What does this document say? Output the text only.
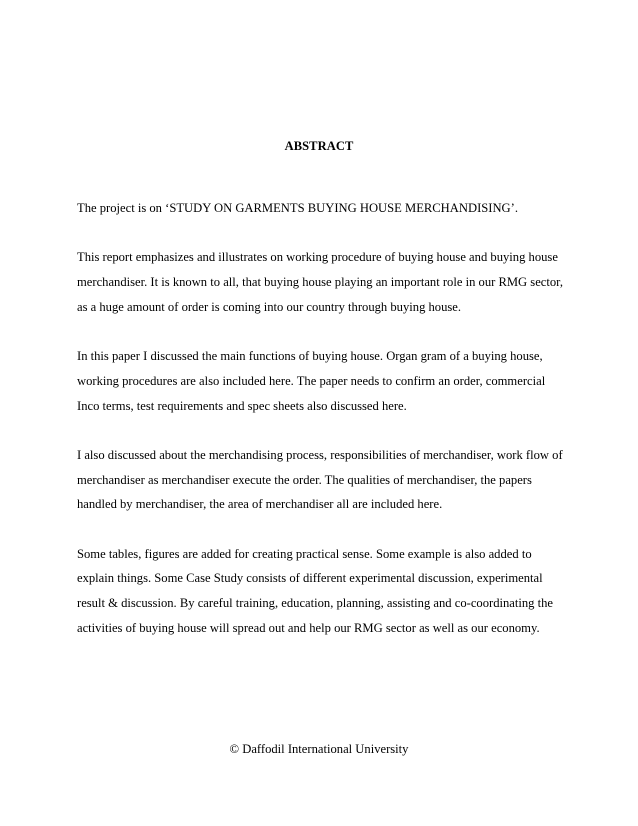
ABSTRACT

The project is on ‘STUDY ON GARMENTS BUYING HOUSE MERCHANDISING’.

This report emphasizes and illustrates on working procedure of buying house and buying house
merchandiser. It is known to all, that buying house playing an important role in our RMG sector,
as a huge amount of order is coming into our country through buying house.

In this paper I discussed the main functions of buying house. Organ gram of a buying house,
working procedures are also included here. The paper needs to confirm an order, commercial
Inco terms, test requirements and spec sheets also discussed here.

I also discussed about the merchandising process, responsibilities of merchandiser, work flow of
merchandiser as merchandiser execute the order. The qualities of merchandiser, the papers
handled by merchandiser, the area of merchandiser all are included here.

Some tables, figures are added for creating practical sense. Some example is also added to
explain things. Some Case Study consists of different experimental discussion, experimental
result & discussion. By careful training, education, planning, assisting and co-coordinating the
activities of buying house will spread out and help our RMG sector as well as our economy.

© Daffodil International University
